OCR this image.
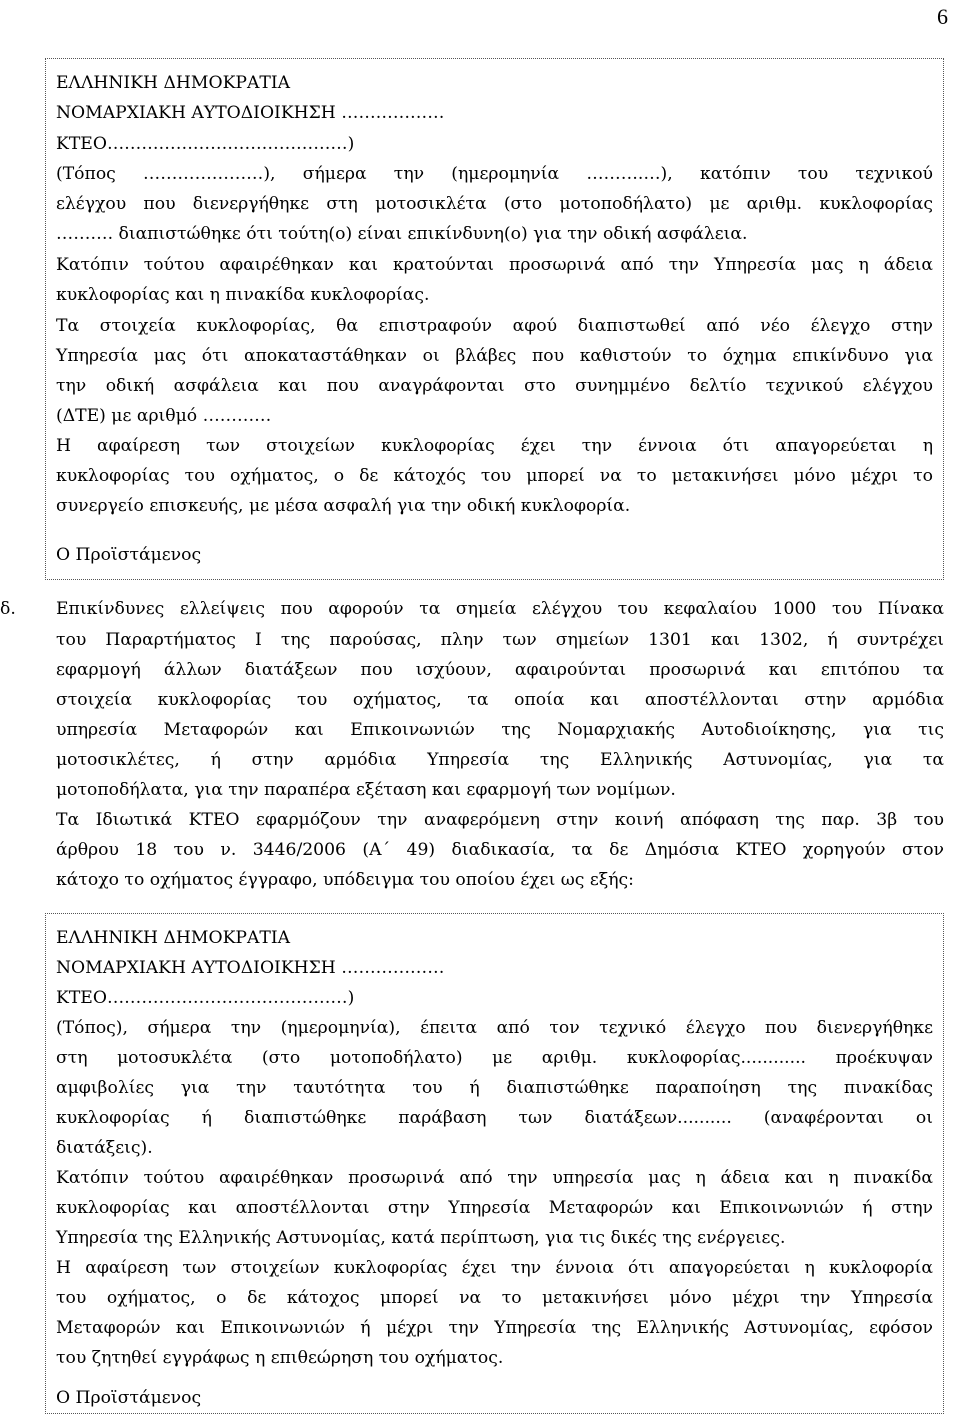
6
ΕΛΛΗΝΙΚΗ ΔΗΜΟΚΡΑΤΙΑ
ΝΟΜΑΡΧΙΑΚΗ ΑΥΤΟΔΙΟΙΚΗΣΗ ………………
ΚΤΕΟ……………………………………)
(Τόπος …………………), σήμερα την (ημερομηνία ……….…), κατόπιν του τεχνικού
ελέγχου που διενεργήθηκε στη μοτοσικλέτα (στο μοτοποδήλατο) με αριθμ. κυκλοφορίας
………. διαπιστώθηκε ότι τούτη(ο) είναι επικίνδυνη(ο) για την οδική ασφάλεια.
Κατόπιν τούτου αφαιρέθηκαν και κρατούνται προσωρινά από την Υπηρεσία μας η άδεια
κυκλοφορίας και η πινακίδα κυκλοφορίας.
Τα στοιχεία κυκλοφορίας, θα επιστραφούν αφού διαπιστωθεί από νέο έλεγχο στην
Υπηρεσία μας ότι αποκαταστάθηκαν οι βλάβες που καθιστούν το όχημα επικίνδυνο για
την οδική ασφάλεια και που αναγράφονται στο συνημμένο δελτίο τεχνικού ελέγχου
(ΔΤΕ) με αριθμό …………
Η αφαίρεση των στοιχείων κυκλοφορίας έχει την έννοια ότι απαγορεύεται η
κυκλοφορίας του οχήματος, ο δε κάτοχός του μπορεί να το μετακινήσει μόνο μέχρι το
συνεργείο επισκευής, με μέσα ασφαλή για την οδική κυκλοφορία.
Ο Προϊστάμενος
δ. Επικίνδυνες ελλείψεις που αφορούν τα σημεία ελέγχου του κεφαλαίου 1000 του Πίνακα
του Παραρτήματος Ι της παρούσας, πλην των σημείων 1301 και 1302, ή συντρέχει
εφαρμογή άλλων διατάξεων που ισχύουν, αφαιρούνται προσωρινά και επιτόπου τα
στοιχεία κυκλοφορίας του οχήματος, τα οποία και αποστέλλονται στην αρμόδια
υπηρεσία Μεταφορών και Επικοινωνιών της Νομαρχιακής Αυτοδιοίκησης, για τις
μοτοσικλέτες, ή στην αρμόδια Υπηρεσία της Ελληνικής Αστυνομίας, για τα
μοτοποδήλατα, για την παραπέρα εξέταση και εφαρμογή των νομίμων.
Τα Ιδιωτικά ΚΤΕΟ εφαρμόζουν την αναφερόμενη στην κοινή απόφαση της παρ. 3β του
άρθρου 18 του ν. 3446/2006 (Α΄ 49) διαδικασία, τα δε Δημόσια ΚΤΕΟ χορηγούν στον
κάτοχο το οχήματος έγγραφο, υπόδειγμα του οποίου έχει ως εξής:
ΕΛΛΗΝΙΚΗ ΔΗΜΟΚΡΑΤΙΑ
ΝΟΜΑΡΧΙΑΚΗ ΑΥΤΟΔΙΟΙΚΗΣΗ ………………
ΚΤΕΟ……………………………………)
(Τόπος), σήμερα την (ημερομηνία), έπειτα από τον τεχνικό έλεγχο που διενεργήθηκε
στη μοτοσυκλέτα (στο μοτοποδήλατο) με αριθμ. κυκλοφορίας............ προέκυψαν
αμφιβολίες για την ταυτότητα του ή διαπιστώθηκε παραποίηση της πινακίδας
κυκλοφορίας ή διαπιστώθηκε παράβαση των διατάξεων.......... (αναφέρονται οι
διατάξεις).
Κατόπιν τούτου αφαιρέθηκαν προσωρινά από την υπηρεσία μας η άδεια και η πινακίδα
κυκλοφορίας και αποστέλλονται στην Υπηρεσία Μεταφορών και Επικοινωνιών ή στην
Υπηρεσία της Ελληνικής Αστυνομίας, κατά περίπτωση, για τις δικές της ενέργειες.
Η αφαίρεση των στοιχείων κυκλοφορίας έχει την έννοια ότι απαγορεύεται η κυκλοφορία
του οχήματος, ο δε κάτοχος μπορεί να το μετακινήσει μόνο μέχρι την Υπηρεσία
Μεταφορών και Επικοινωνιών ή μέχρι την Υπηρεσία της Ελληνικής Αστυνομίας, εφόσον
του ζητηθεί εγγράφως η επιθεώρηση του οχήματος.
Ο Προϊστάμενος
